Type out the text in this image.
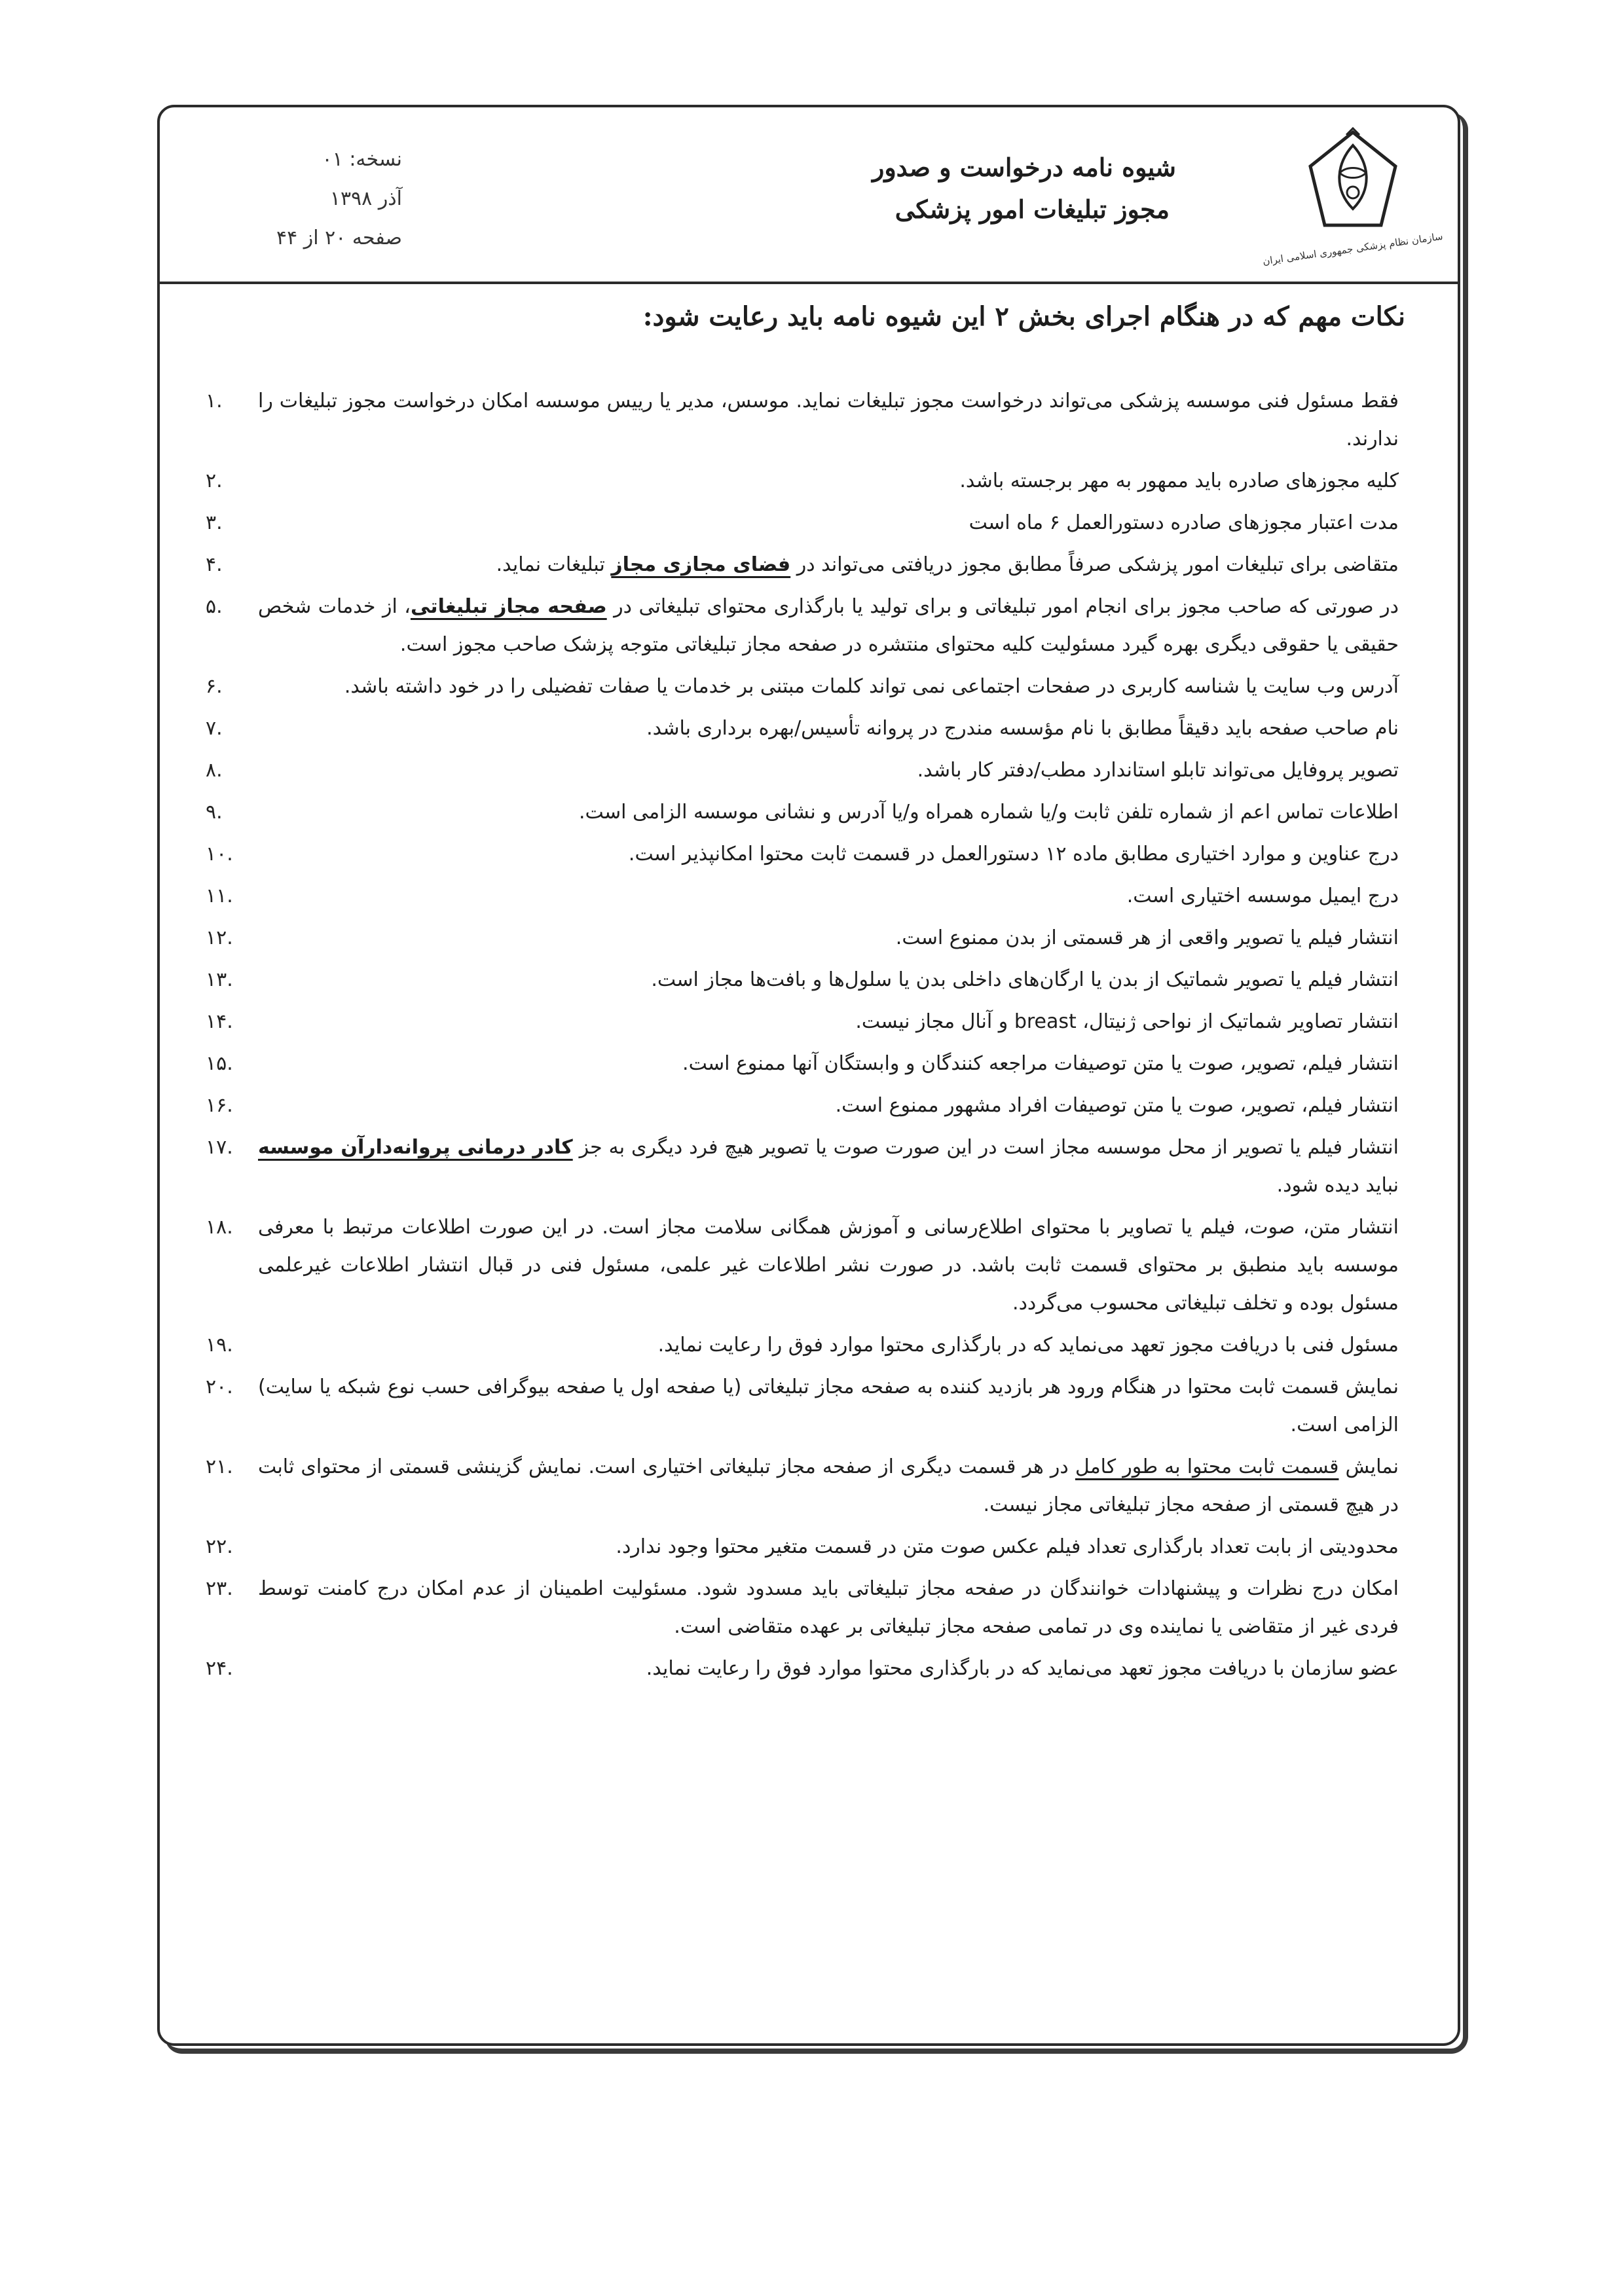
سازمان نظام پزشکی جمهوری اسلامی ایران
شیوه نامه درخواست و صدور
مجوز تبلیغات امور پزشکی
نسخه: ۰۱
آذر ۱۳۹۸
صفحه ۲۰ از ۴۴
نکات مهم که در هنگام اجرای بخش ۲ این شیوه نامه باید رعایت شود:
فقط مسئول فنی موسسه پزشکی می‌تواند درخواست مجوز تبلیغات نماید. موسس، مدیر یا رییس موسسه امکان درخواست مجوز تبلیغات را ندارند.
.۱
کلیه مجوزهای صادره باید ممهور به مهر برجسته باشد.
.۲
مدت اعتبار مجوزهای صادره دستورالعمل ۶ ماه است
.۳
متقاضی برای تبلیغات امور پزشکی صرفاً مطابق مجوز دریافتی می‌تواند در فضای مجازی مجاز تبلیغات نماید.
.۴
در صورتی که صاحب مجوز برای انجام امور تبلیغاتی و برای تولید یا بارگذاری محتوای تبلیغاتی در صفحه مجاز تبلیغاتی، از خدمات شخص حقیقی یا حقوقی دیگری بهره گیرد مسئولیت کلیه محتوای منتشره در صفحه مجاز تبلیغاتی متوجه پزشک صاحب مجوز است.
.۵
آدرس وب سایت یا شناسه کاربری در صفحات اجتماعی نمی تواند کلمات مبتنی بر خدمات یا صفات تفضیلی را در خود داشته باشد.
.۶
نام صاحب صفحه باید دقیقاً مطابق با نام مؤسسه مندرج در پروانه تأسیس/بهره برداری باشد.
.۷
تصویر پروفایل می‌تواند تابلو استاندارد مطب/دفتر کار باشد.
.۸
اطلاعات تماس اعم از شماره تلفن ثابت و/یا شماره همراه و/یا آدرس و نشانی موسسه الزامی است.
.۹
درج عناوین و موارد اختیاری مطابق ماده ۱۲ دستورالعمل در قسمت ثابت محتوا امکانپذیر است.
.۱۰
درج ایمیل موسسه اختیاری است.
.۱۱
انتشار فیلم یا تصویر واقعی از هر قسمتی از بدن ممنوع است.
.۱۲
انتشار فیلم یا تصویر شماتیک از بدن یا ارگان‌های داخلی بدن یا سلول‌ها و بافت‌ها مجاز است.
.۱۳
انتشار تصاویر شماتیک از نواحی ژنیتال، breast و آنال مجاز نیست.
.۱۴
انتشار فیلم، تصویر، صوت یا متن توصیفات مراجعه کنندگان و وابستگان آنها ممنوع است.
.۱۵
انتشار فیلم، تصویر، صوت یا متن توصیفات افراد مشهور ممنوع است.
.۱۶
انتشار فیلم یا تصویر از محل موسسه مجاز است در این صورت صوت یا تصویر هیچ فرد دیگری به جز کادر درمانی پروانه‌دارآن موسسه نباید دیده شود.
.۱۷
انتشار متن، صوت، فیلم یا تصاویر با محتوای اطلاع‌رسانی و آموزش همگانی سلامت مجاز است. در این صورت اطلاعات مرتبط با معرفی موسسه باید منطبق بر محتوای قسمت ثابت باشد. در صورت نشر اطلاعات غیر علمی، مسئول فنی در قبال انتشار اطلاعات غیرعلمی مسئول بوده و تخلف تبلیغاتی محسوب می‌گردد.
.۱۸
مسئول فنی با دریافت مجوز تعهد می‌نماید که در بارگذاری محتوا موارد فوق را رعایت نماید.
.۱۹
نمایش قسمت ثابت محتوا در هنگام ورود هر بازدید کننده به صفحه مجاز تبلیغاتی (یا صفحه اول یا صفحه بیوگرافی حسب نوع شبکه یا سایت) الزامی است.
.۲۰
نمایش قسمت ثابت محتوا به طور کامل در هر قسمت دیگری از صفحه مجاز تبلیغاتی اختیاری است. نمایش گزینشی قسمتی از محتوای ثابت در هیچ قسمتی از صفحه مجاز تبلیغاتی مجاز نیست.
.۲۱
محدودیتی از بابت تعداد بارگذاری تعداد فیلم عکس صوت متن در قسمت متغیر محتوا وجود ندارد.
.۲۲
امکان درج نظرات و پیشنهادات خوانندگان در صفحه مجاز تبلیغاتی باید مسدود شود. مسئولیت اطمینان از عدم امکان درج کامنت توسط فردی غیر از متقاضی یا نماینده وی در تمامی صفحه مجاز تبلیغاتی بر عهده متقاضی است.
.۲۳
عضو سازمان با دریافت مجوز تعهد می‌نماید که در بارگذاری محتوا موارد فوق را رعایت نماید.
.۲۴
